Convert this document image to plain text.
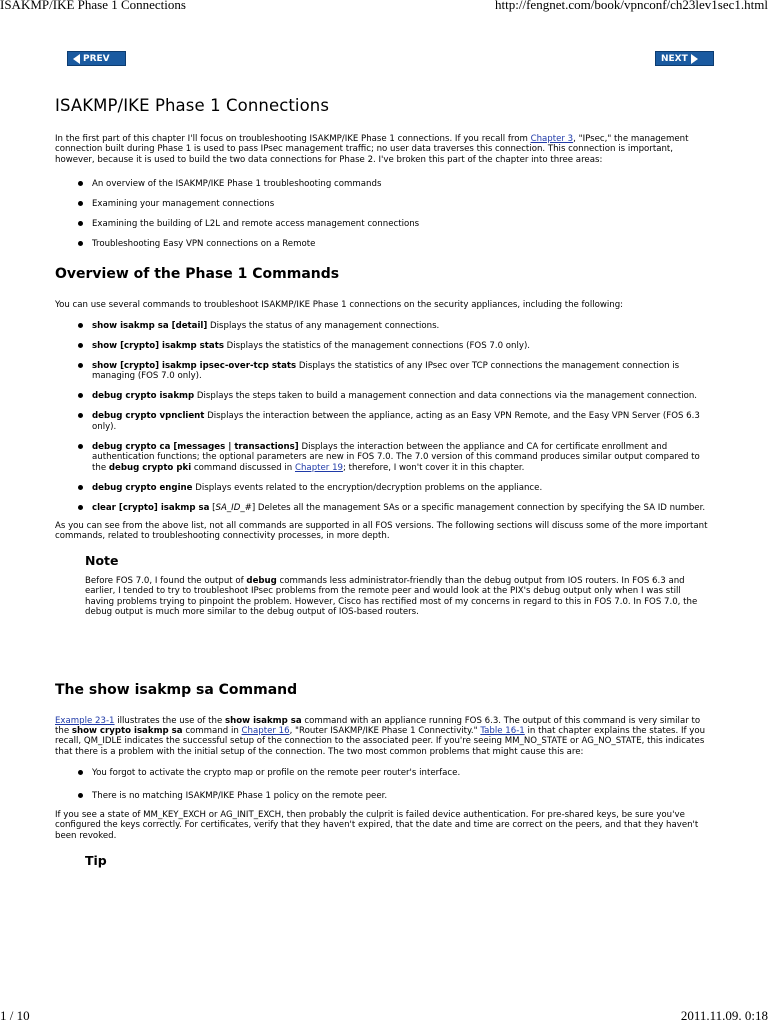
ISAKMP/IKE Phase 1 Connections	http://fengnet.com/book/vpnconf/ch23lev1sec1.html
PREV	NEXT
ISAKMP/IKE Phase 1 Connections

In the first part of this chapter I'll focus on troubleshooting ISAKMP/IKE Phase 1 connections. If you recall from Chapter 3, "IPsec," the management connection built during Phase 1 is used to pass IPsec management traffic; no user data traverses this connection. This connection is important, however, because it is used to build the two data connections for Phase 2. I've broken this part of the chapter into three areas:

An overview of the ISAKMP/IKE Phase 1 troubleshooting commands
Examining your management connections
Examining the building of L2L and remote access management connections
Troubleshooting Easy VPN connections on a Remote
Overview of the Phase 1 Commands

You can use several commands to troubleshoot ISAKMP/IKE Phase 1 connections on the security appliances, including the following:

show isakmp sa [detail] Displays the status of any management connections.
show [crypto] isakmp stats Displays the statistics of the management connections (FOS 7.0 only).
show [crypto] isakmp ipsec-over-tcp stats Displays the statistics of any IPsec over TCP connections the management connection is managing (FOS 7.0 only).
debug crypto isakmp Displays the steps taken to build a management connection and data connections via the management connection.
debug crypto vpnclient Displays the interaction between the appliance, acting as an Easy VPN Remote, and the Easy VPN Server (FOS 6.3 only).
debug crypto ca [messages | transactions] Displays the interaction between the appliance and CA for certificate enrollment and authentication functions; the optional parameters are new in FOS 7.0. The 7.0 version of this command produces similar output compared to the debug crypto pki command discussed in Chapter 19; therefore, I won't cover it in this chapter.
debug crypto engine Displays events related to the encryption/decryption problems on the appliance.
clear [crypto] isakmp sa [SA_ID_#] Deletes all the management SAs or a specific management connection by specifying the SA ID number.

As you can see from the above list, not all commands are supported in all FOS versions. The following sections will discuss some of the more important commands, related to troubleshooting connectivity processes, in more depth.

Note

Before FOS 7.0, I found the output of debug commands less administrator-friendly than the debug output from IOS routers. In FOS 6.3 and earlier, I tended to try to troubleshoot IPsec problems from the remote peer and would look at the PIX's debug output only when I was still having problems trying to pinpoint the problem. However, Cisco has rectified most of my concerns in regard to this in FOS 7.0. In FOS 7.0, the debug output is much more similar to the debug output of IOS-based routers.

The show isakmp sa Command

Example 23-1 illustrates the use of the show isakmp sa command with an appliance running FOS 6.3. The output of this command is very similar to the show crypto isakmp sa command in Chapter 16, "Router ISAKMP/IKE Phase 1 Connectivity." Table 16-1 in that chapter explains the states. If you recall, QM_IDLE indicates the successful setup of the connection to the associated peer. If you're seeing MM_NO_STATE or AG_NO_STATE, this indicates that there is a problem with the initial setup of the connection. The two most common problems that might cause this are:

You forgot to activate the crypto map or profile on the remote peer router's interface.
There is no matching ISAKMP/IKE Phase 1 policy on the remote peer.

If you see a state of MM_KEY_EXCH or AG_INIT_EXCH, then probably the culprit is failed device authentication. For pre-shared keys, be sure you've configured the keys correctly. For certificates, verify that they haven't expired, that the date and time are correct on the peers, and that they haven't been revoked.

Tip
1 / 10	2011.11.09. 0:18
